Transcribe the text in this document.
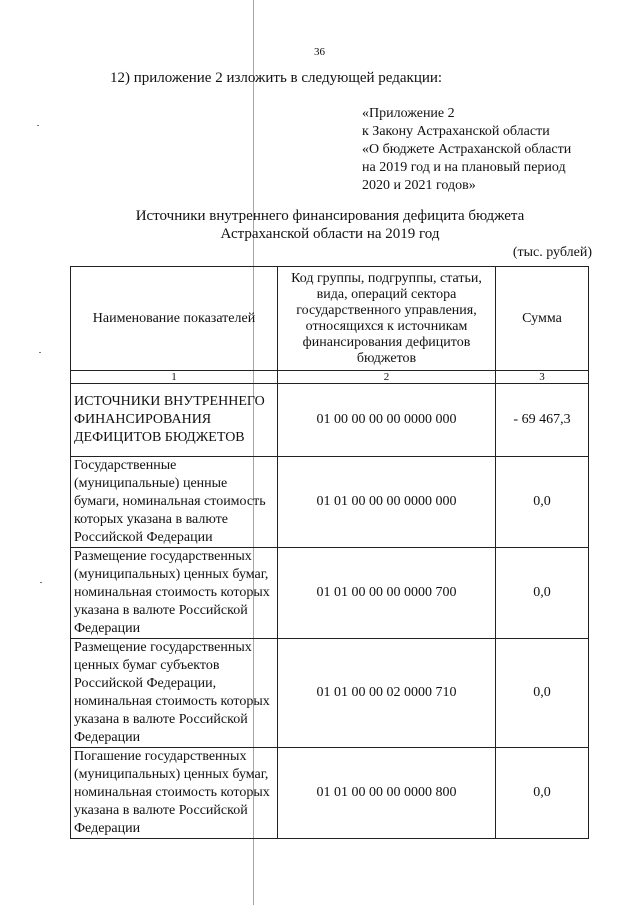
36
12) приложение 2 изложить в следующей редакции:
«Приложение 2
к Закону Астраханской области
«О бюджете Астраханской области
на 2019 год и на плановый период
2020 и 2021 годов»
Источники внутреннего финансирования дефицита бюджета
Астраханской области на 2019 год
(тыс. рублей)
Наименование показателей	Код группы, подгруппы, статьи, вида, операций сектора государственного управления, относящихся к источникам финансирования дефицитов бюджетов	Сумма
1	2	3
ИСТОЧНИКИ ВНУТРЕННЕГО ФИНАНСИРОВАНИЯ ДЕФИЦИТОВ БЮДЖЕТОВ	01 00 00 00 00 0000 000	- 69 467,3
Государственные (муниципальные) ценные бумаги, номинальная стоимость которых указана в валюте Российской Федерации	01 01 00 00 00 0000 000	0,0
Размещение государственных (муниципальных) ценных бумаг, номинальная стоимость которых указана в валюте Российской Федерации	01 01 00 00 00 0000 700	0,0
Размещение государственных ценных бумаг субъектов Российской Федерации, номинальная стоимость которых указана в валюте Российской Федерации	01 01 00 00 02 0000 710	0,0
Погашение государственных (муниципальных) ценных бумаг, номинальная стоимость которых указана в валюте Российской Федерации	01 01 00 00 00 0000 800	0,0
